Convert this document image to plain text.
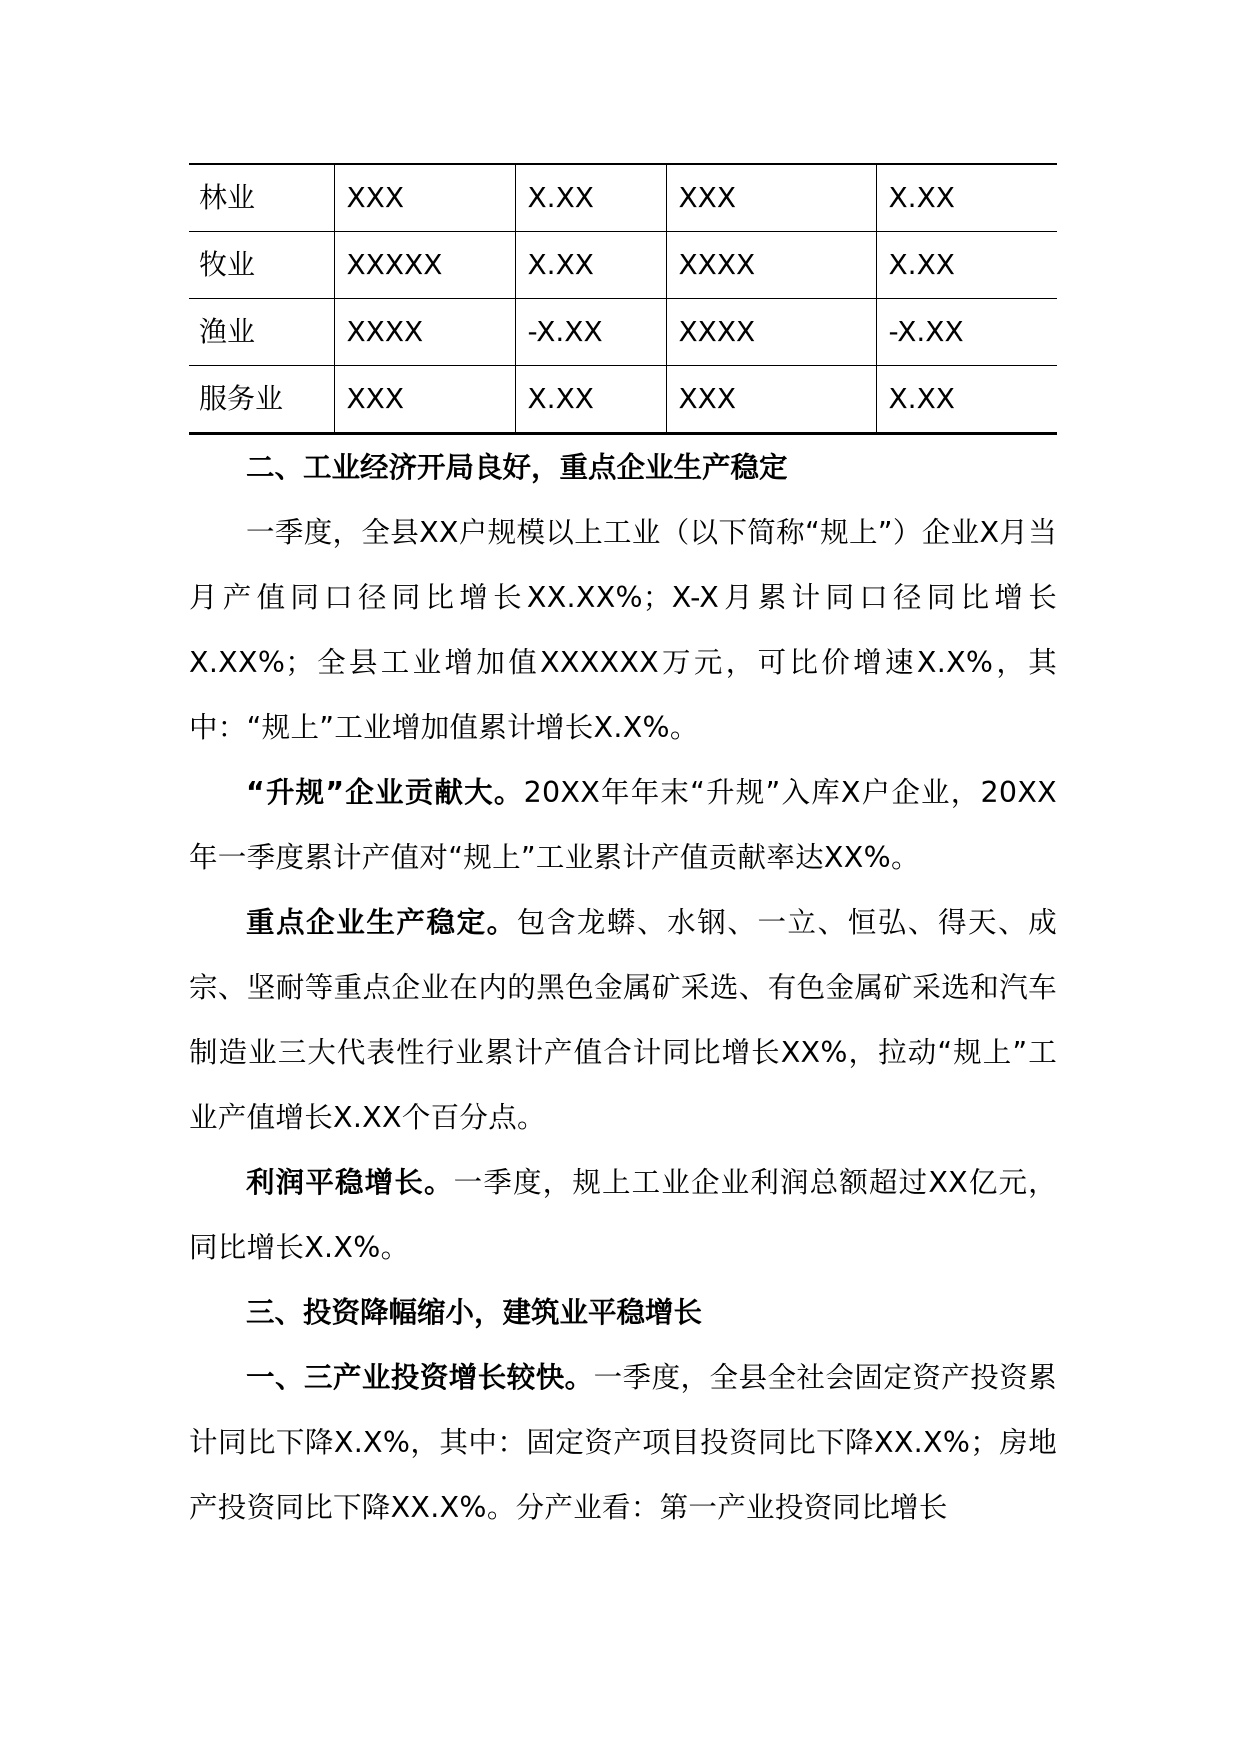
林业	XXX	X.XX	XXX	X.XX
牧业	XXXXX	X.XX	XXXX	X.XX
渔业	XXXX	-X.XX	XXXX	-X.XX
服务业	XXX	X.XX	XXX	X.XX
二、工业经济开局良好，重点企业生产稳定

一季度，全县XX户规模以上工业（以下简称“规上”）企业X月当月产值同口径同比增长XX.XX%；X-X月累计同口径同比增长X.XX%；全县工业增加值XXXXXX万元，可比价增速X.X%，其中：“规上”工业增加值累计增长X.X%。

“升规”企业贡献大。20XX年年末“升规”入库X户企业，20XX年一季度累计产值对“规上”工业累计产值贡献率达XX%。

重点企业生产稳定。包含龙蟒、水钢、一立、恒弘、得天、成宗、坚耐等重点企业在内的黑色金属矿采选、有色金属矿采选和汽车制造业三大代表性行业累计产值合计同比增长XX%，拉动“规上”工业产值增长X.XX个百分点。

利润平稳增长。一季度，规上工业企业利润总额超过XX亿元，同比增长X.X%。

三、投资降幅缩小，建筑业平稳增长

一、三产业投资增长较快。一季度，全县全社会固定资产投资累计同比下降X.X%，其中：固定资产项目投资同比下降XX.X%；房地产投资同比下降XX.X%。分产业看：第一产业投资同比增长
